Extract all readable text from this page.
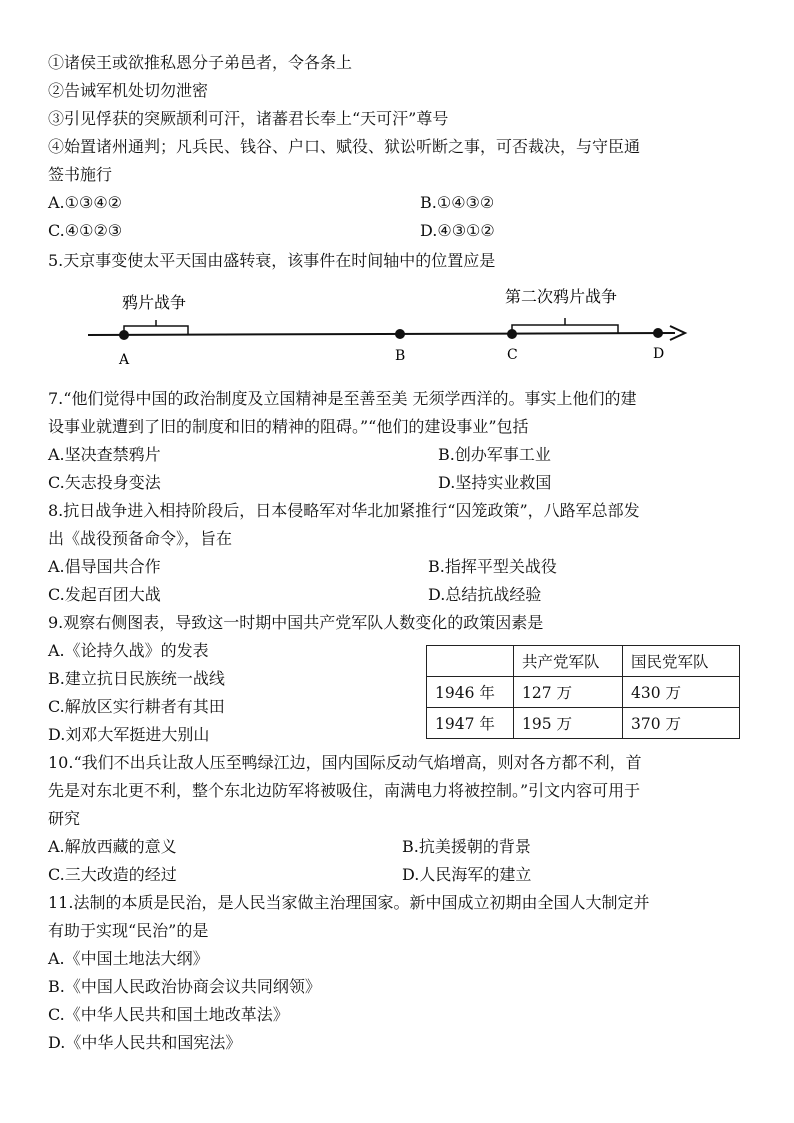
①诸侯王或欲推私恩分子弟邑者，令各条上
②告诫军机处切勿泄密
③引见俘获的突厥颉利可汗，诸蕃君长奉上“天可汗”尊号
④始置诸州通判；凡兵民、钱谷、户口、赋役、狱讼听断之事，可否裁决，与守臣通
签书施行
A.①③④②	B.①④③②
C.④①②③	D.④③①②
5.天京事变使太平天国由盛转衰，该事件在时间轴中的位置应是
鸦片战争	第二次鸦片战争
A	B	C	D
7.“他们觉得中国的政治制度及立国精神是至善至美 无须学西洋的。事实上他们的建
设事业就遭到了旧的制度和旧的精神的阻碍。”“他们的建设事业”包括
A.坚决查禁鸦片	B.创办军事工业
C.矢志投身变法	D.坚持实业救国
8.抗日战争进入相持阶段后，日本侵略军对华北加紧推行“囚笼政策”，八路军总部发
出《战役预备命令》，旨在
A.倡导国共合作	B.指挥平型关战役
C.发起百团大战	D.总结抗战经验
9.观察右侧图表，导致这一时期中国共产党军队人数变化的政策因素是
A.《论持久战》的发表
B.建立抗日民族统一战线
C.解放区实行耕者有其田
D.刘邓大军挺进大别山
	共产党军队	国民党军队
1946 年	127 万	430 万
1947 年	195 万	370 万
10.“我们不出兵让敌人压至鸭绿江边，国内国际反动气焰增高，则对各方都不利，首
先是对东北更不利，整个东北边防军将被吸住，南满电力将被控制。”引文内容可用于
研究
A.解放西藏的意义	B.抗美援朝的背景
C.三大改造的经过	D.人民海军的建立
11.法制的本质是民治，是人民当家做主治理国家。新中国成立初期由全国人大制定并
有助于实现“民治”的是
A.《中国土地法大纲》
B.《中国人民政治协商会议共同纲领》
C.《中华人民共和国土地改革法》
D.《中华人民共和国宪法》
